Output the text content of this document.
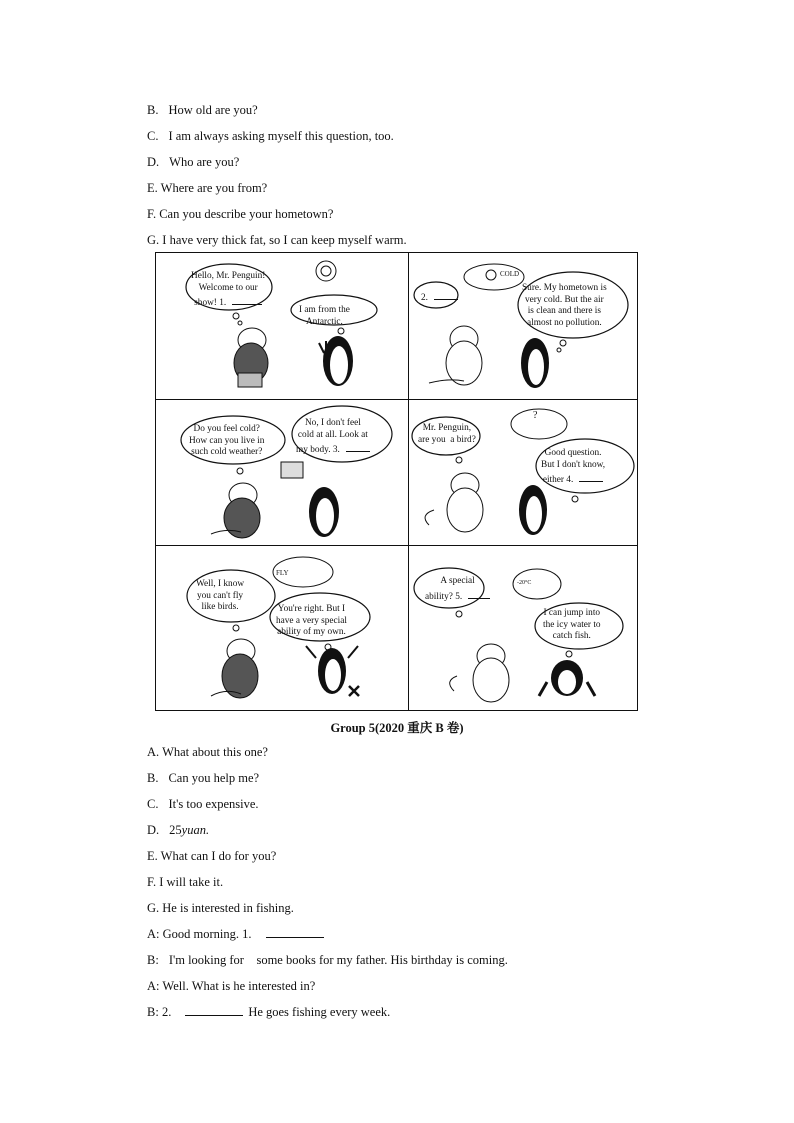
B. How old are you?
C. I am always asking myself this question, too.
D. Who are you?
E. Where are you from?
F. Can you describe your hometown?
G. I have very thick fat, so I can keep myself warm.
Hello, Mr. Penguin!
Welcome to our
show! 1.
I am from the
Antarctic.
2.
COLD
Sure. My hometown is
very cold. But the air
is clean and there is
almost no pollution.
Do you feel cold?
How can you live in
such cold weather?
No, I don't feel
cold at all. Look at
my body. 3.
Mr. Penguin,
are you  a bird?
?
Good question.
But I don't know,
either 4.
Well, I know
you can't fly
like birds.
FLY
You're right. But I
have a very special
ability of my own.
A special
ability? 5.
-20°C
I can jump into
the icy water to
catch fish.
Group 5(2020 重庆 B 卷)
A. What about this one?
B. Can you help me?
C. It's too expensive.
D. 25yuan.
E. What can I do for you?
F. I will take it.
G. He is interested in fishing.
A: Good morning. 1.
B: I'm looking for    some books for my father. His birthday is coming.
A: Well. What is he interested in?
B: 2.	He goes fishing every week.
